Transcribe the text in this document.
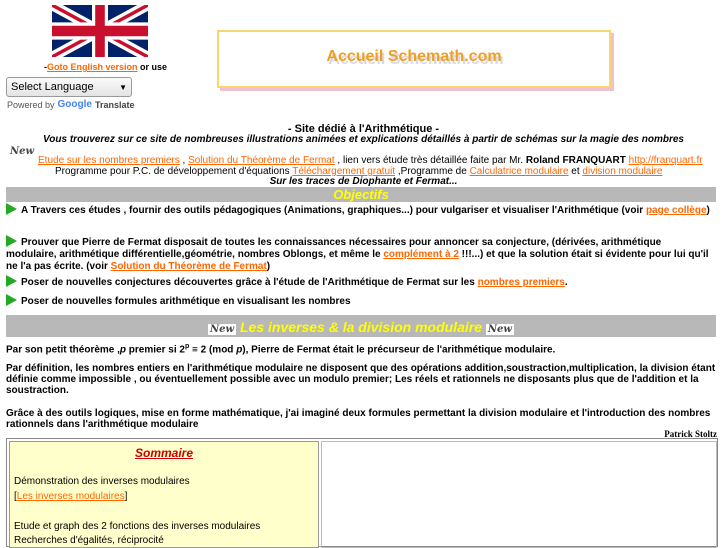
-Goto English version or use
Select Language	▼
Powered by Google Translate
Accueil Schemath.com
- Site dédié à l'Arithmétique -
Vous trouverez sur ce site de nombreuses illustrations animées et explications détaillés à partir de schémas sur la magie des nombres
New
Etude sur les nombres premiers , Solution du Théorème de Fermat , lien vers étude très détaillée faite par Mr. Roland FRANQUART http://franquart.fr
Programme pour P.C. de développement d'équations Téléchargement gratuit ,Programme de Calculatrice modulaire et division modulaire
Sur les traces de Diophante et Fermat...
Objectifs
A Travers ces études , fournir des outils pédagogiques (Animations, graphiques...) pour vulgariser et visualiser l'Arithmétique (voir page collège)
Prouver que Pierre de Fermat disposait de toutes les connaissances nécessaires pour annoncer sa conjecture, (dérivées, arithmétique modulaire, arithmétique différentielle,géométrie, nombres Oblongs, et même le complément à 2 !!!...) et que la solution était si évidente pour lui qu'il ne l'a pas écrite. (voir Solution du Théorème de Fermat)
Poser de nouvelles conjectures découvertes grâce à l'étude de l'Arithmétique de Fermat sur les nombres premiers.
Poser de nouvelles formules arithmétique en visualisant les nombres
New Les inverses & la division modulaire New
Par son petit théorème ,p premier si $2^p \equiv 2$ (mod p), Pierre de Fermat était le précurseur de l'arithmétique modulaire.
Par définition, les nombres entiers en l'arithmétique modulaire ne disposent que des opérations addition,soustraction,multiplication, la division étant définie comme impossible , ou éventuellement possible avec un modulo premier; Les réels et rationnels ne disposants plus que de l'addition et la soustraction.
Grâce à des outils logiques, mise en forme mathématique, j'ai imaginé deux formules permettant la division modulaire et l'introduction des nombres rationnels dans l'arithmétique modulaire
Patrick Stoltz
Sommaire
Démonstration des inverses modulaires
[Les inverses modulaires]
Etude et graph des 2 fonctions des inverses modulaires
Recherches d'égalités, réciprocité
